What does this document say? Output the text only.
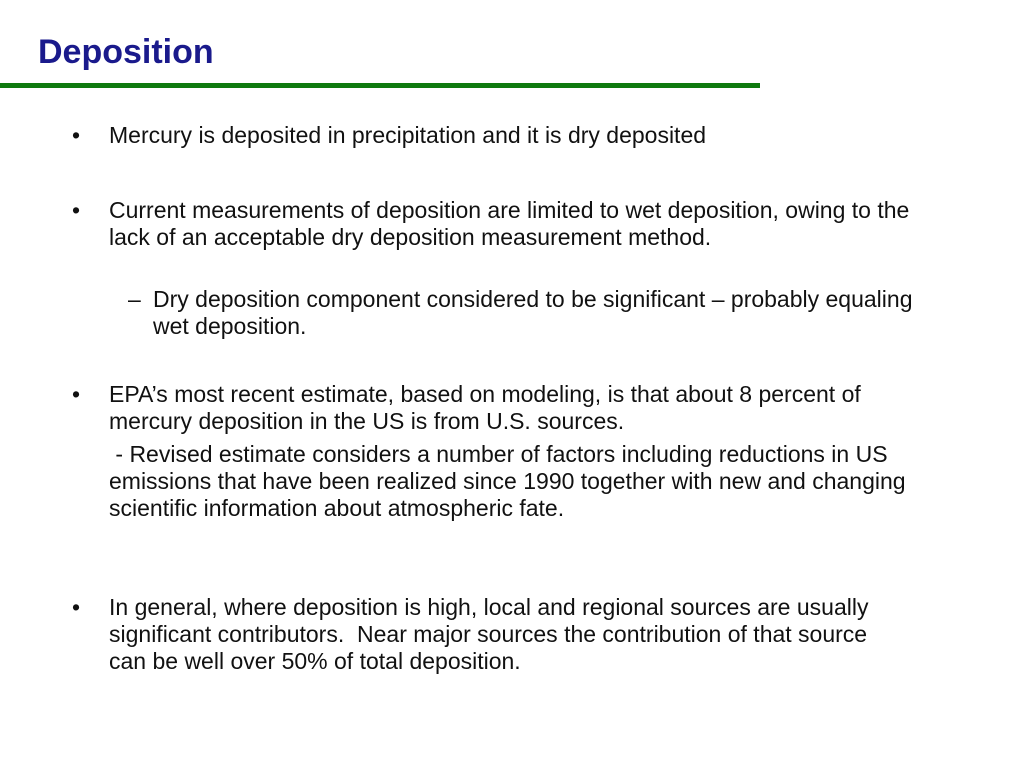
Deposition
•	Mercury is deposited in precipitation and it is dry deposited
•	Current measurements of deposition are limited to wet deposition, owing to the lack of an acceptable dry deposition measurement method.
– Dry deposition component considered to be significant – probably equaling wet deposition.
•	EPA’s most recent estimate, based on modeling, is that about 8 percent of mercury deposition in the US is from U.S. sources.
- Revised estimate considers a number of factors including reductions in US emissions that have been realized since 1990 together with new and changing scientific information about atmospheric fate.
•	In general, where deposition is high, local and regional sources are usually significant contributors.  Near major sources the contribution of that source can be well over 50% of total deposition.
